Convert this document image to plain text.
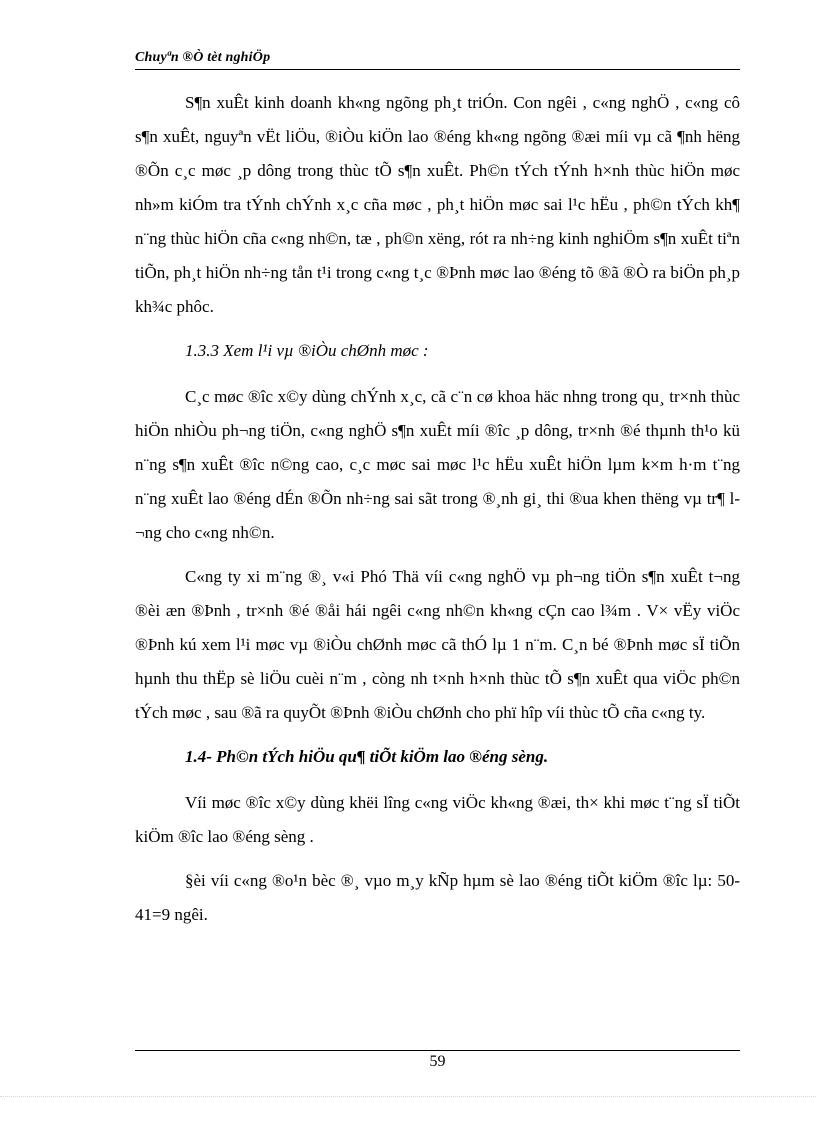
Chuyªn ®Ò tèt nghiÖp

S¶n xuÊt kinh doanh kh«ng ngõng ph¸t triÓn. Con ngêi , c«ng nghÖ , c«ng cô s¶n xuÊt, nguyªn vËt liÖu, ®iÒu kiÖn lao ®éng kh«ng ngõng ®æi míi vµ cã ¶nh hëng ®Õn c¸c møc ¸p dông trong thùc tÕ s¶n xuÊt. Ph©n tÝch tÝnh h×nh thùc hiÖn møc nh»m kiÓm tra tÝnh chÝnh x¸c cña møc , ph¸t hiÖn møc sai l¹c hËu , ph©n tÝch kh¶ n¨ng thùc hiÖn cña c«ng nh©n, tæ , ph©n xëng, rót ra nh÷ng kinh nghiÖm s¶n xuÊt tiªn tiÕn, ph¸t hiÖn nh÷ng tån t¹i trong c«ng t¸c ®Þnh møc lao ®éng tõ ®ã ®Ò ra biÖn ph¸p kh¾c phôc.

1.3.3 Xem l¹i vµ ®iÒu chØnh møc :

C¸c møc ®îc x©y dùng chÝnh x¸c, cã c¨n cø khoa häc nhng trong qu¸ tr×nh thùc hiÖn nhiÒu ph¬ng tiÖn, c«ng nghÖ s¶n xuÊt míi ®îc ¸p dông, tr×nh ®é thµnh th¹o kü n¨ng s¶n xuÊt ®îc n©ng cao, c¸c møc sai møc l¹c hËu xuÊt hiÖn lµm k×m h·m t¨ng n¨ng xuÊt lao ®éng dÉn ®Õn nh÷ng sai sãt trong ®¸nh gi¸ thi ®ua khen thëng vµ tr¶ l¬ng cho c«ng nh©n.

C«ng ty xi m¨ng ®¸ v«i Phó Thä víi c«ng nghÖ vµ ph¬ng tiÖn s¶n xuÊt t¬ng ®èi æn ®Þnh , tr×nh ®é ®åi hái ngêi c«ng nh©n kh«ng cÇn cao l¾m . V× vËy viÖc ®Þnh kú xem l¹i møc vµ ®iÒu chØnh møc cã thÓ lµ 1 n¨m. C¸n bé ®Þnh møc sÏ tiÕn hµnh thu thËp sè liÖu cuèi n¨m , còng nh t×nh h×nh thùc tÕ s¶n xuÊt qua viÖc ph©n tÝch møc , sau ®ã ra quyÕt ®Þnh ®iÒu chØnh cho phï hîp víi thùc tÕ cña c«ng ty.

1.4- Ph©n tÝch hiÖu qu¶ tiÕt kiÖm lao ®éng sèng.

Víi møc ®îc x©y dùng khëi lîng c«ng viÖc kh«ng ®æi, th× khi møc t¨ng sÏ tiÕt kiÖm ®îc lao ®éng sèng .

§èi víi c«ng ®o¹n bèc ®¸ vµo m¸y kÑp hµm sè lao ®éng tiÕt kiÖm ®îc lµ: 50-41=9 ngêi.

59
